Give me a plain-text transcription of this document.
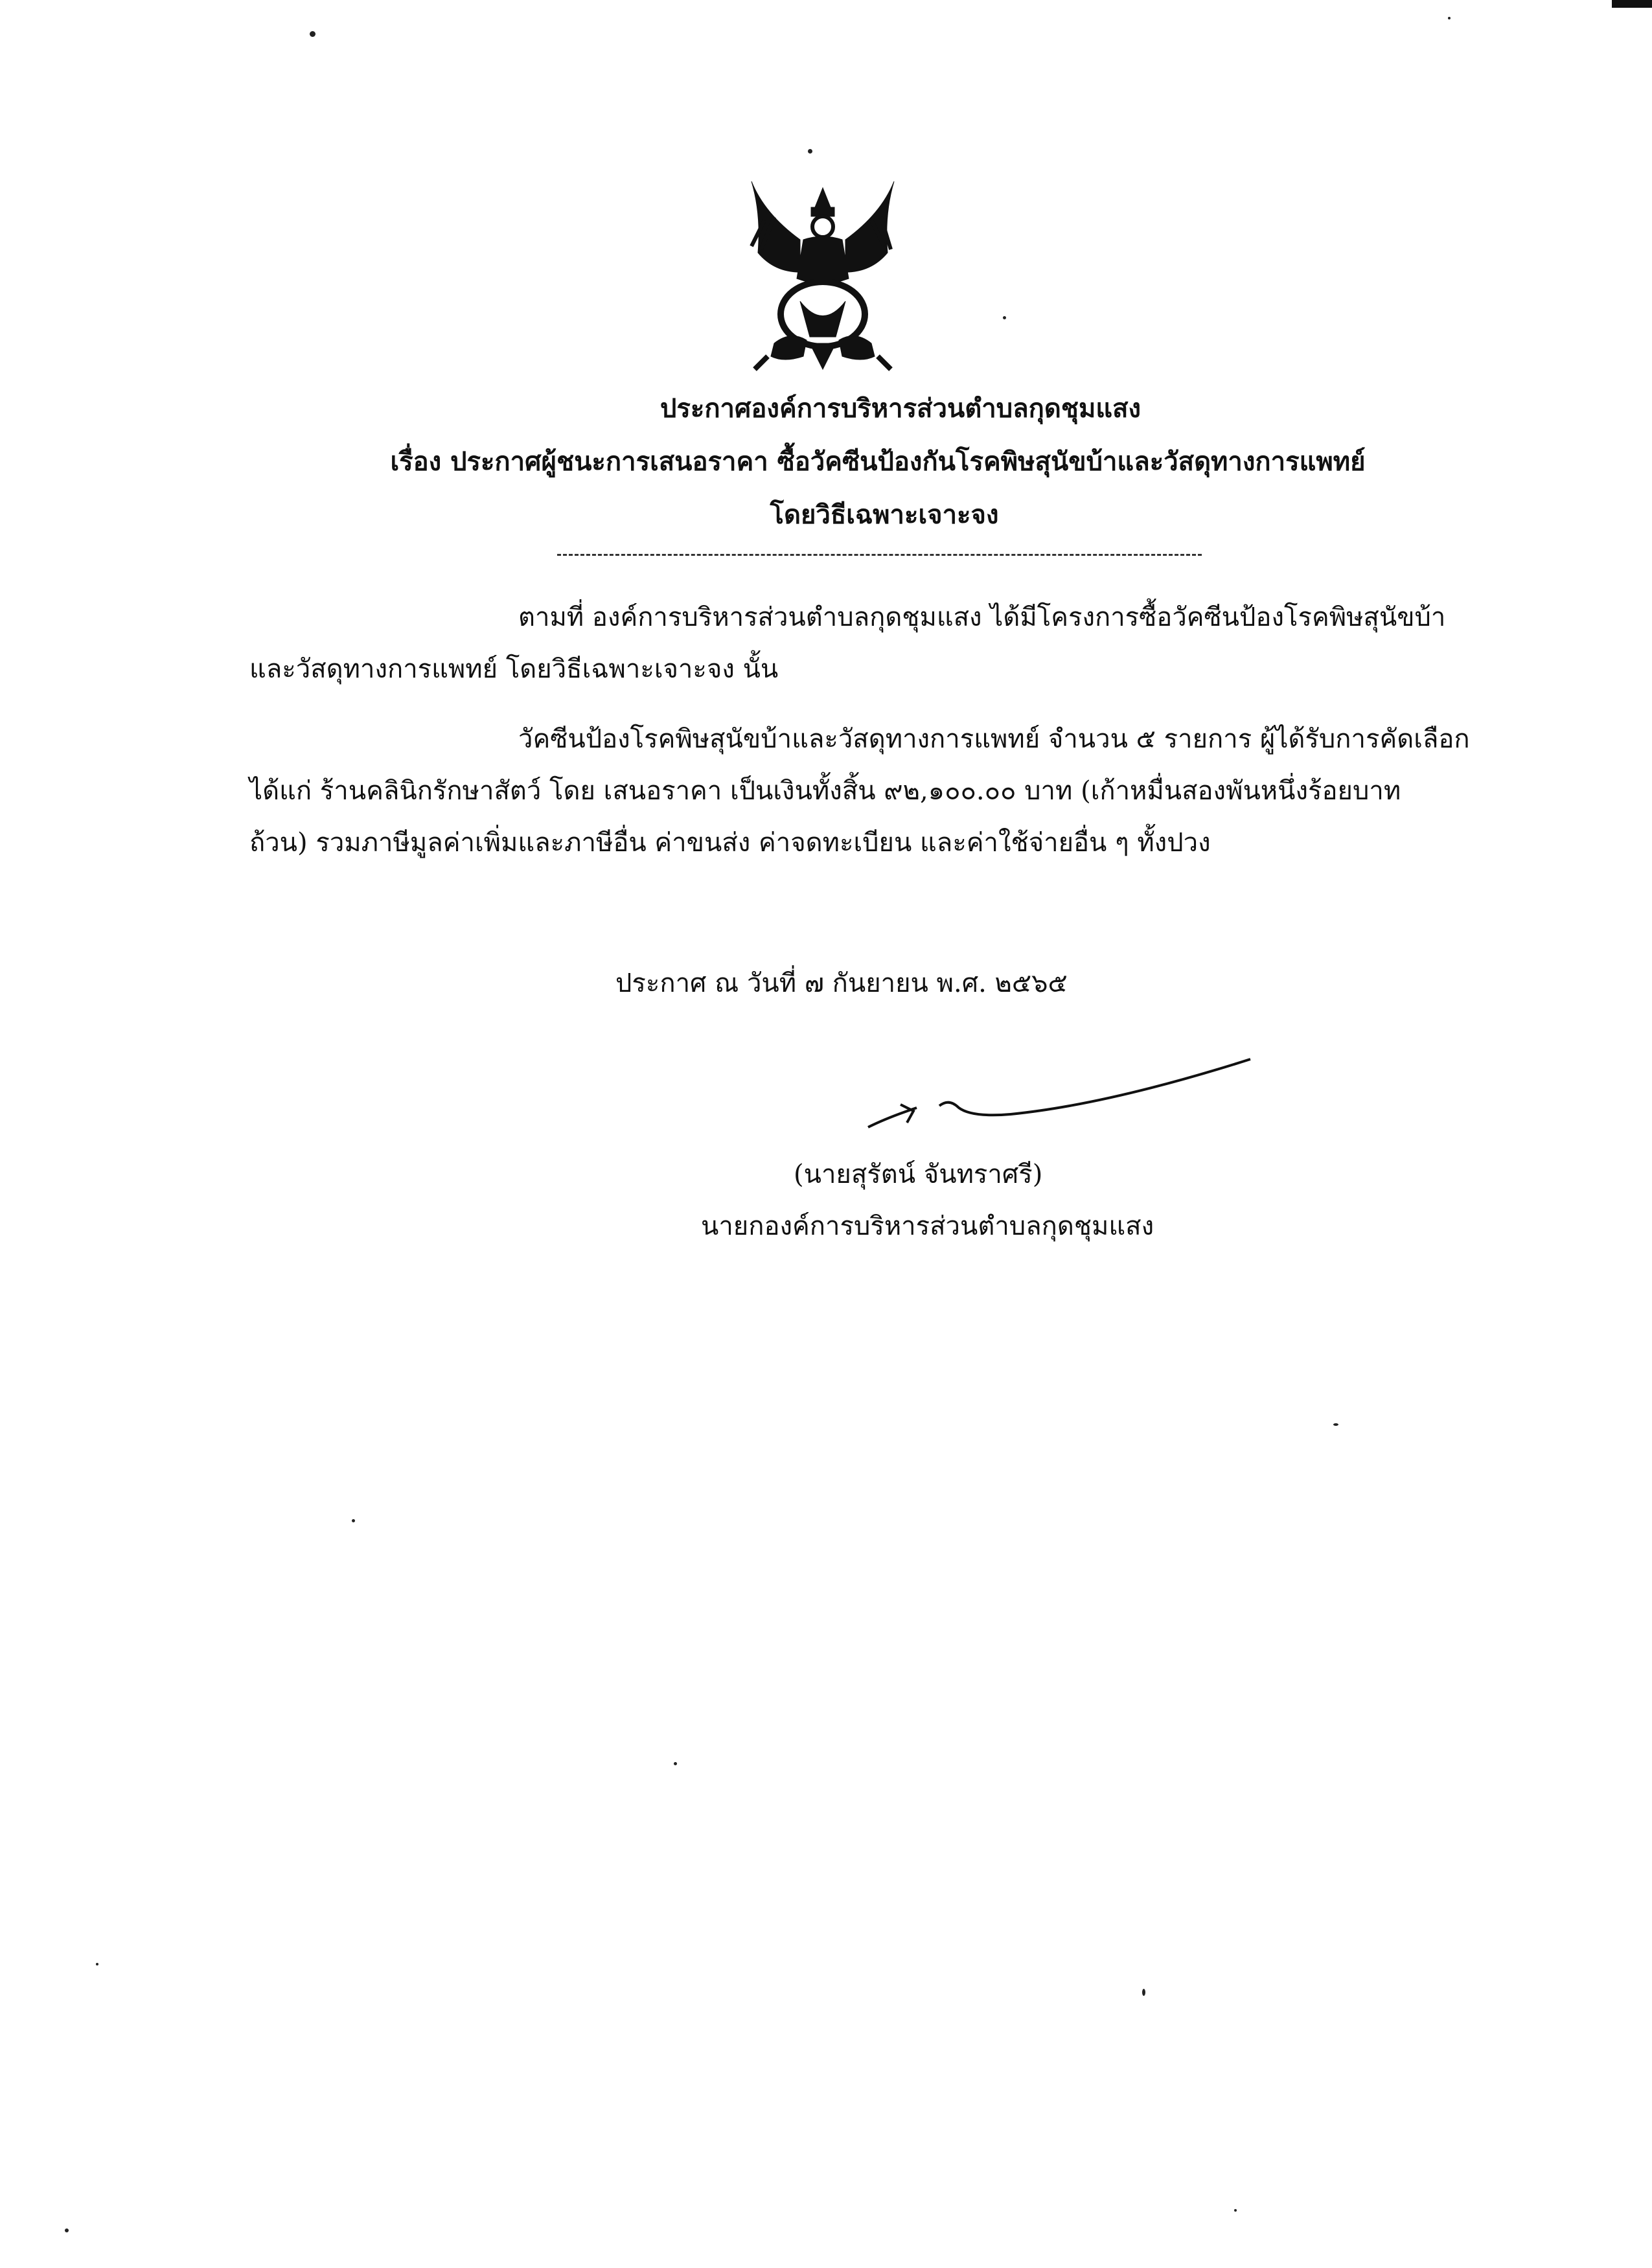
ประกาศองค์การบริหารส่วนตำบลกุดชุมแสง
เรื่อง ประกาศผู้ชนะการเสนอราคา ซื้อวัคซีนป้องกันโรคพิษสุนัขบ้าและวัสดุทางการแพทย์
โดยวิธีเฉพาะเจาะจง
ตามที่ องค์การบริหารส่วนตำบลกุดชุมแสง ได้มีโครงการซื้อวัคซีนป้องโรคพิษสุนัขบ้า
และวัสดุทางการแพทย์ โดยวิธีเฉพาะเจาะจง นั้น
วัคซีนป้องโรคพิษสุนัขบ้าและวัสดุทางการแพทย์ จำนวน ๕ รายการ ผู้ได้รับการคัดเลือก
ได้แก่ ร้านคลินิกรักษาสัตว์ โดย เสนอราคา เป็นเงินทั้งสิ้น ๙๒,๑๐๐.๐๐ บาท (เก้าหมื่นสองพันหนึ่งร้อยบาท
ถ้วน) รวมภาษีมูลค่าเพิ่มและภาษีอื่น ค่าขนส่ง ค่าจดทะเบียน และค่าใช้จ่ายอื่น ๆ ทั้งปวง
ประกาศ ณ วันที่ ๗ กันยายน พ.ศ. ๒๕๖๕
(นายสุรัตน์ จันทราศรี)
นายกองค์การบริหารส่วนตำบลกุดชุมแสง
